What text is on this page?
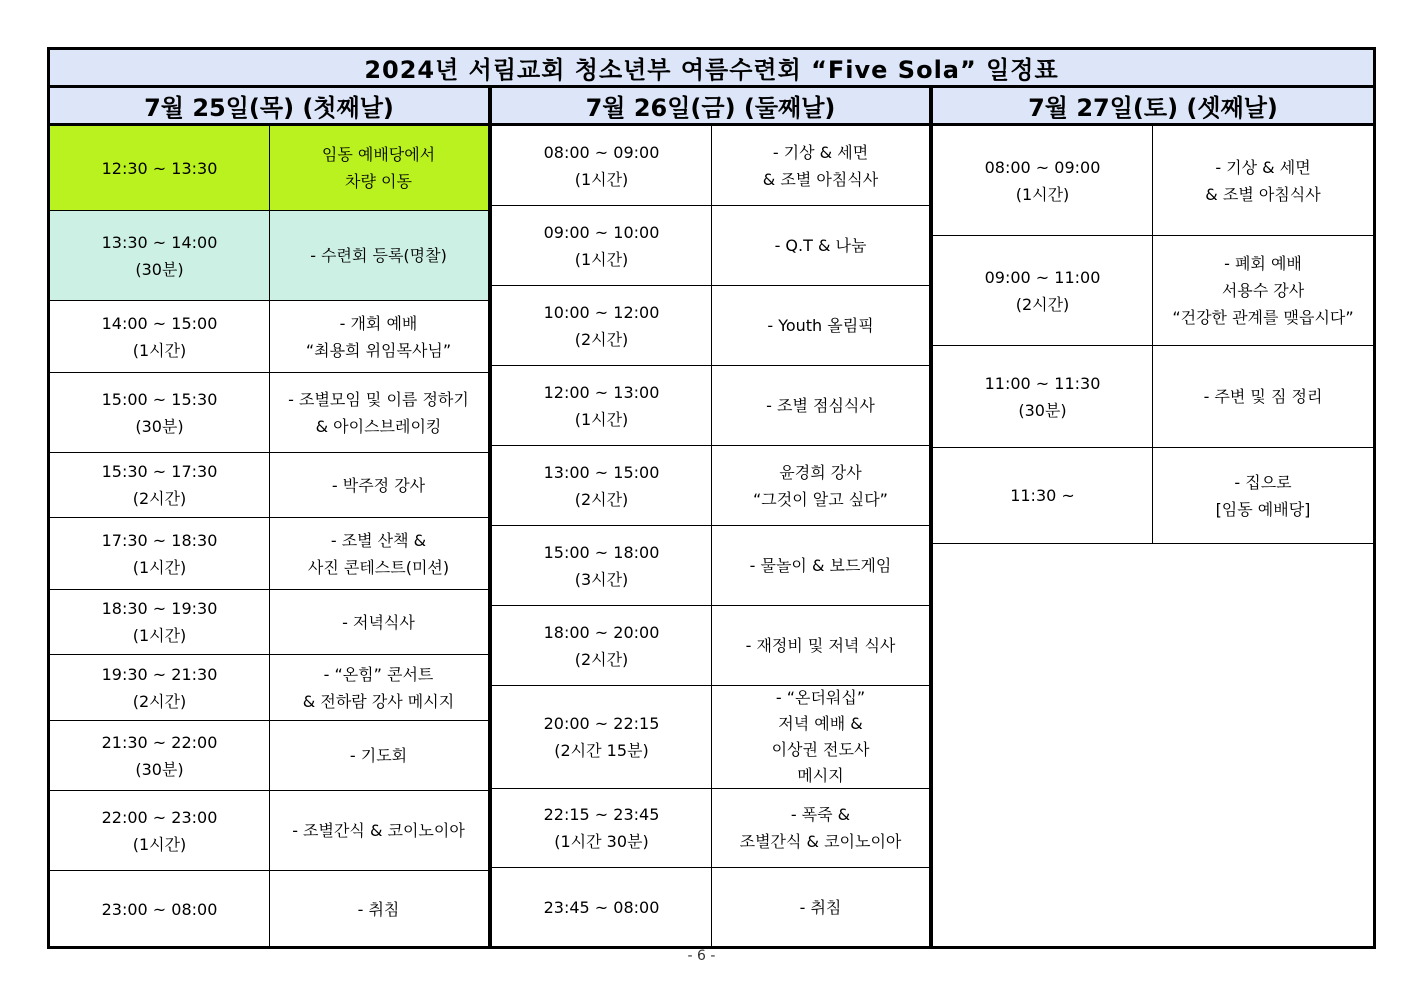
2024년 서림교회 청소년부 여름수련회 “Five Sola” 일정표
7월 25일(목) (첫째날)
12:30 ~ 13:30
임동 예배당에서
차량 이동
13:30 ~ 14:00
(30분)
- 수련회 등록(명찰)
14:00 ~ 15:00
(1시간)
- 개회 예배
“최용희 위임목사님”
15:00 ~ 15:30
(30분)
- 조별모임 및 이름 정하기
& 아이스브레이킹
15:30 ~ 17:30
(2시간)
- 박주정 강사
17:30 ~ 18:30
(1시간)
- 조별 산책 &
사진 콘테스트(미션)
18:30 ~ 19:30
(1시간)
- 저녁식사
19:30 ~ 21:30
(2시간)
- “온힘” 콘서트
& 전하람 강사 메시지
21:30 ~ 22:00
(30분)
- 기도회
22:00 ~ 23:00
(1시간)
- 조별간식 & 코이노이아
23:00 ~ 08:00	- 취침
7월 26일(금) (둘째날)
08:00 ~ 09:00
(1시간)
- 기상 & 세면
& 조별 아침식사
09:00 ~ 10:00
(1시간)
- Q.T & 나눔
10:00 ~ 12:00
(2시간)
- Youth 올림픽
12:00 ~ 13:00
(1시간)
- 조별 점심식사
13:00 ~ 15:00
(2시간)
윤경희 강사
“그것이 알고 싶다”
15:00 ~ 18:00
(3시간)
- 물놀이 & 보드게임
18:00 ~ 20:00
(2시간)
- 재정비 및 저녁 식사
20:00 ~ 22:15
(2시간 15분)
- “온더워십”
저녁 예배 &
이상권 전도사
메시지
22:15 ~ 23:45
(1시간 30분)
- 폭죽 &
조별간식 & 코이노이아
23:45 ~ 08:00	- 취침
7월 27일(토) (셋째날)
08:00 ~ 09:00
(1시간)
- 기상 & 세면
& 조별 아침식사
09:00 ~ 11:00
(2시간)
- 폐회 예배
서용수 강사
“건강한 관계를 맺읍시다”
11:00 ~ 11:30
(30분)
- 주변 및 짐 정리
11:30 ~
- 집으로
[임동 예배당]
- 6 -
